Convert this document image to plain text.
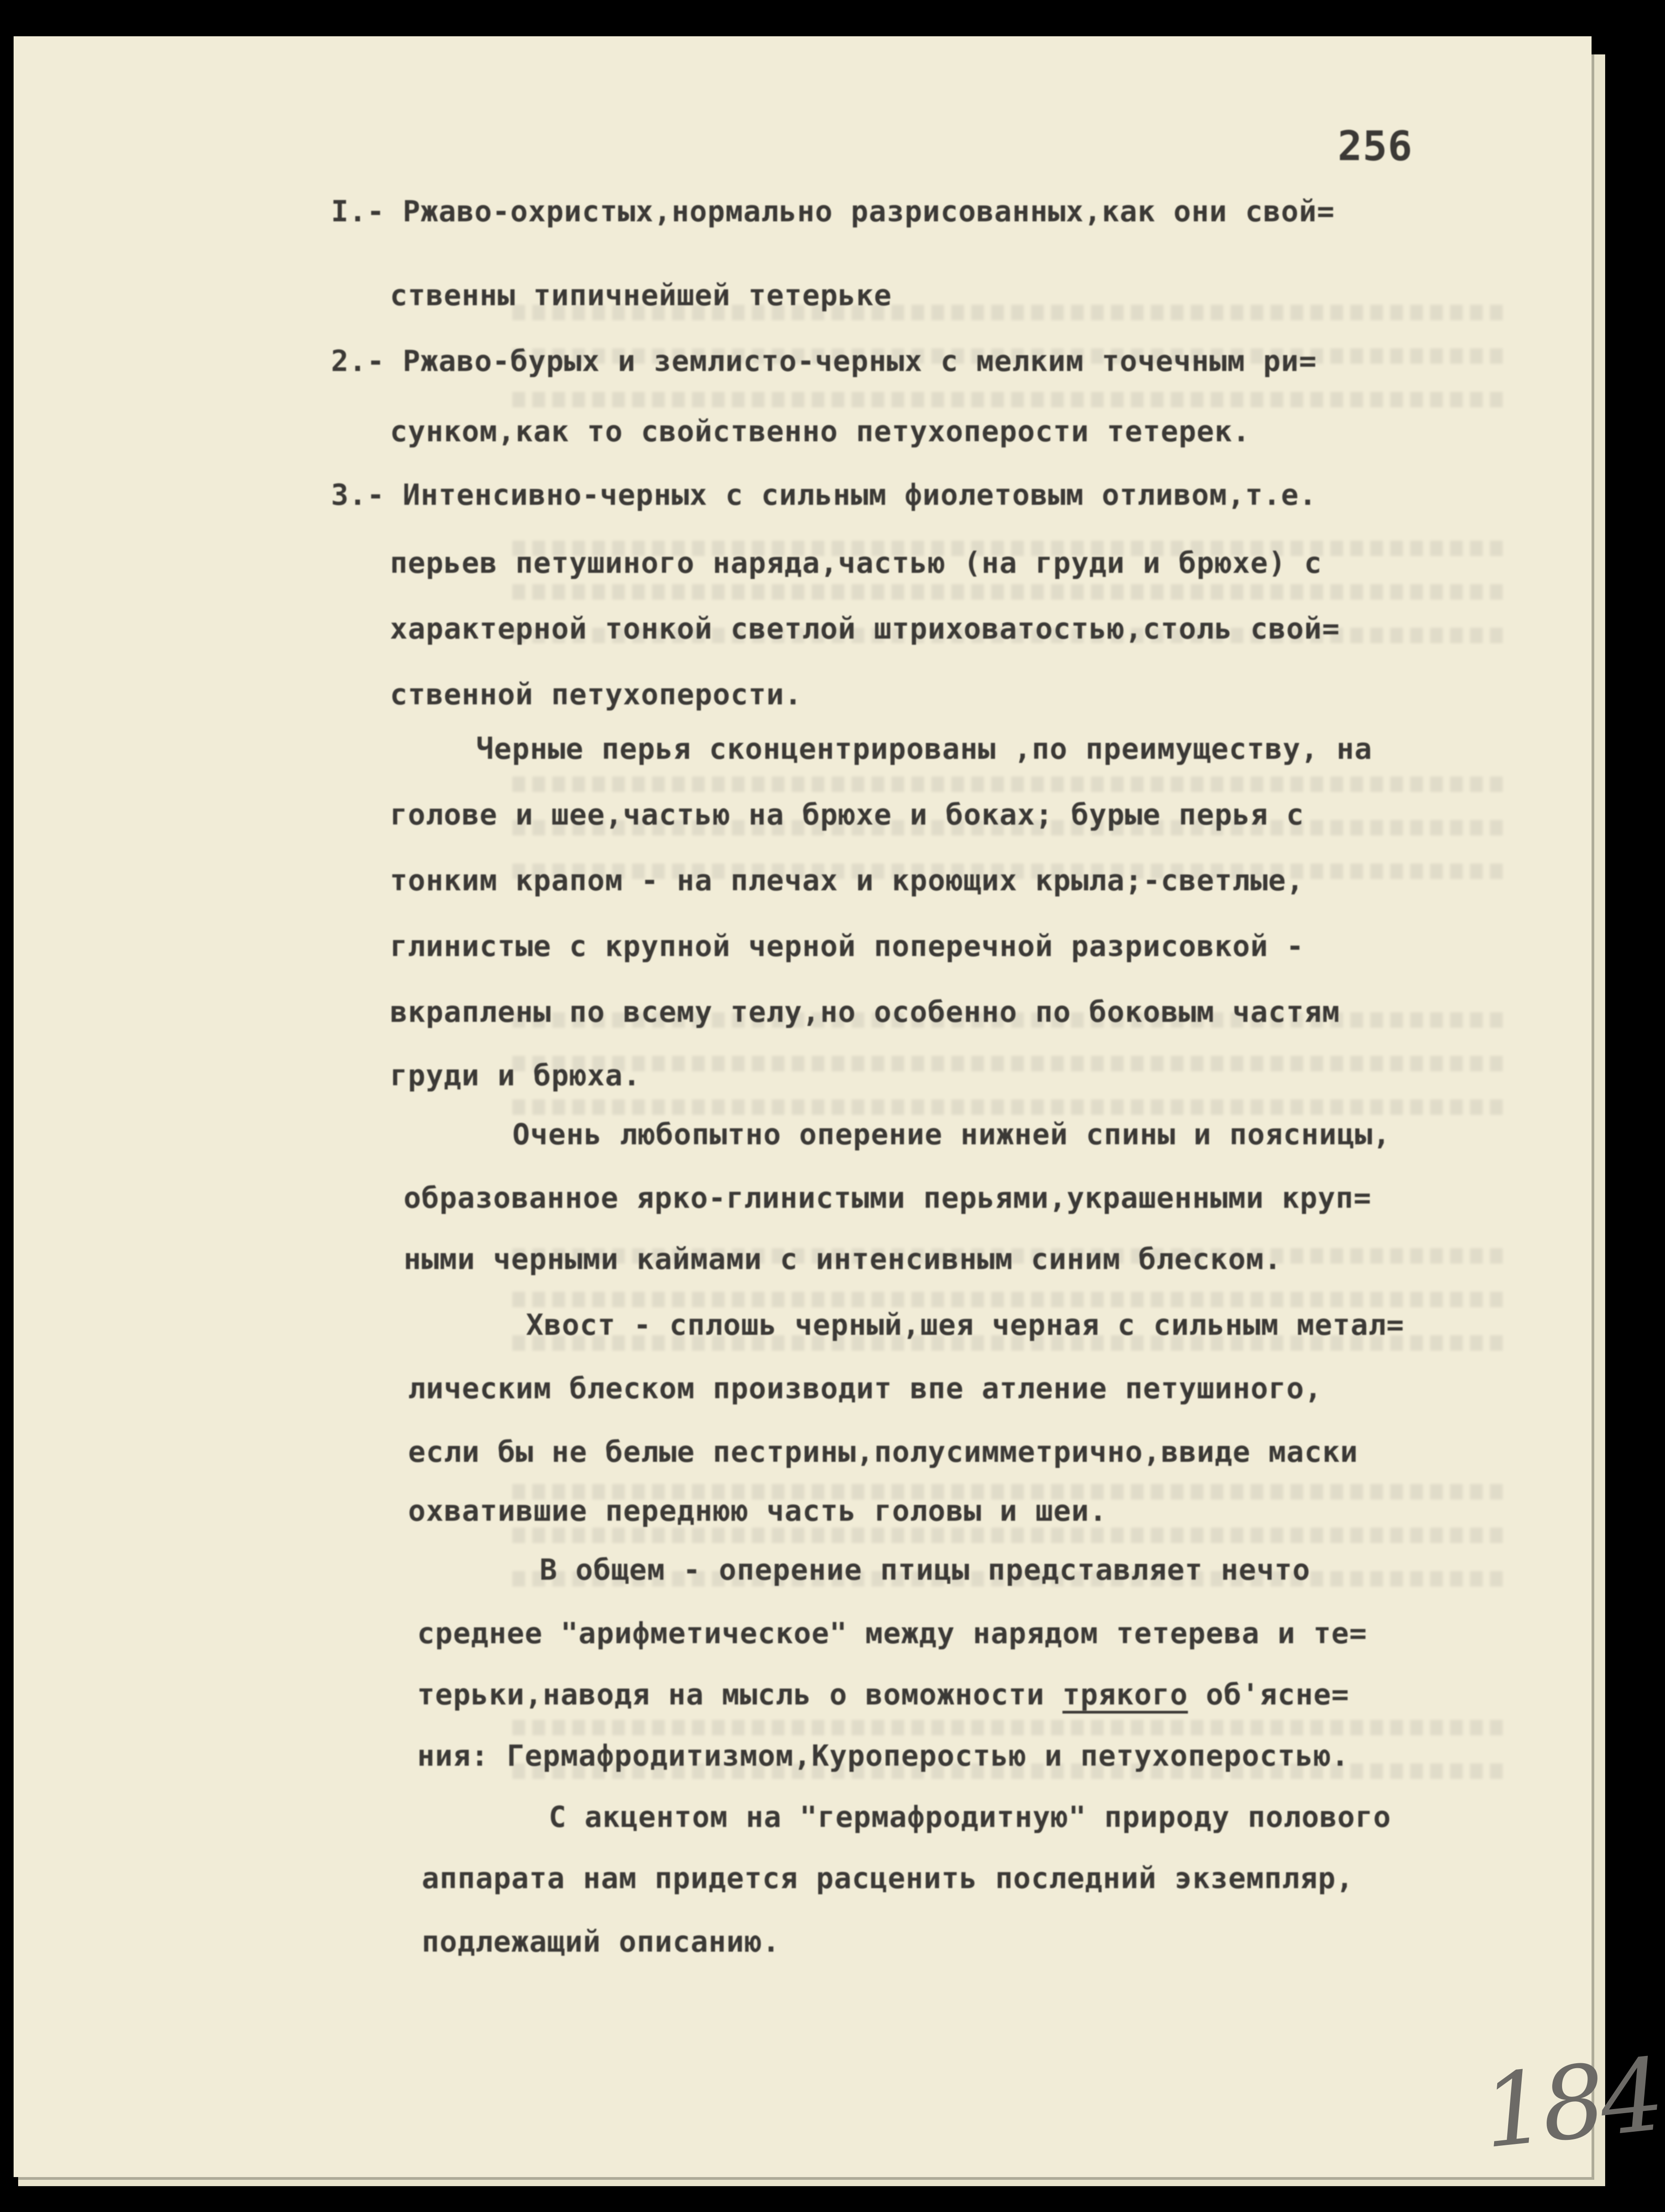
256

I.- Ржаво-охристых,нормально разрисованных,как они свой=

ственны типичнейшей тетерьке

2.- Ржаво-бурых и землисто-черных с мелким точечным ри=

сунком,как то свойственно петухоперости тетерек.

3.- Интенсивно-черных с сильным фиолетовым отливом,т.е.

перьев петушиного наряда,частью (на груди и брюхе) с

характерной тонкой светлой штриховатостью,столь свой=

ственной петухоперости.

Черные перья сконцентрированы ,по преимуществу, на

голове и шее,частью на брюхе и боках; бурые перья с

тонким крапом - на плечах и кроющих крыла;-светлые,

глинистые с крупной черной поперечной разрисовкой -

вкраплены по всему телу,но особенно по боковым частям

груди и брюха.

Очень любопытно оперение нижней спины и поясницы,

образованное ярко-глинистыми перьями,украшенными круп=

ными черными каймами с интенсивным синим блеском.

Хвост - сплошь черный,шея черная с сильным метал=

лическим блеском производит впе атление петушиного,

если бы не белые пестрины,полусимметрично,ввиде маски

охватившие переднюю часть головы и шеи.

В общем - оперение птицы представляет нечто

среднее "арифметическое" между нарядом тетерева и те=

терьки,наводя на мысль о воможности трякого об'ясне=

ния: Гермафродитизмом,Куроперостью и петухоперостью.

С акцентом на "гермафродитную" природу полового

аппарата нам придется расценить последний экземпляр,

подлежащий описанию.

184
